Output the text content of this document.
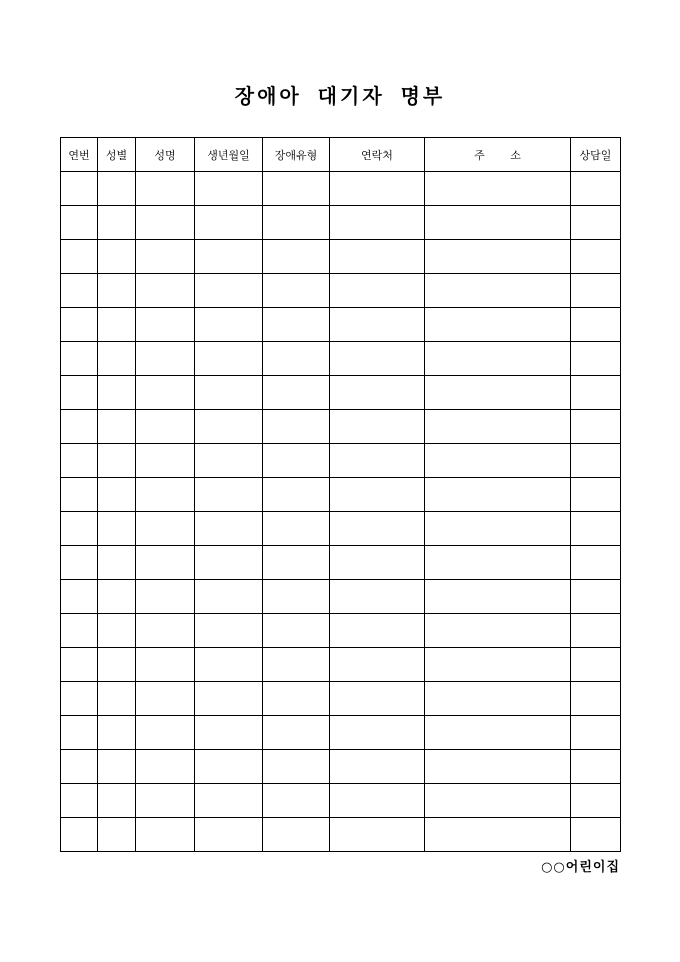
장애아 대기자 명부
연번	성별	성명	생년월일	장애유형	연락처	주 소	상담일

○○어린이집
